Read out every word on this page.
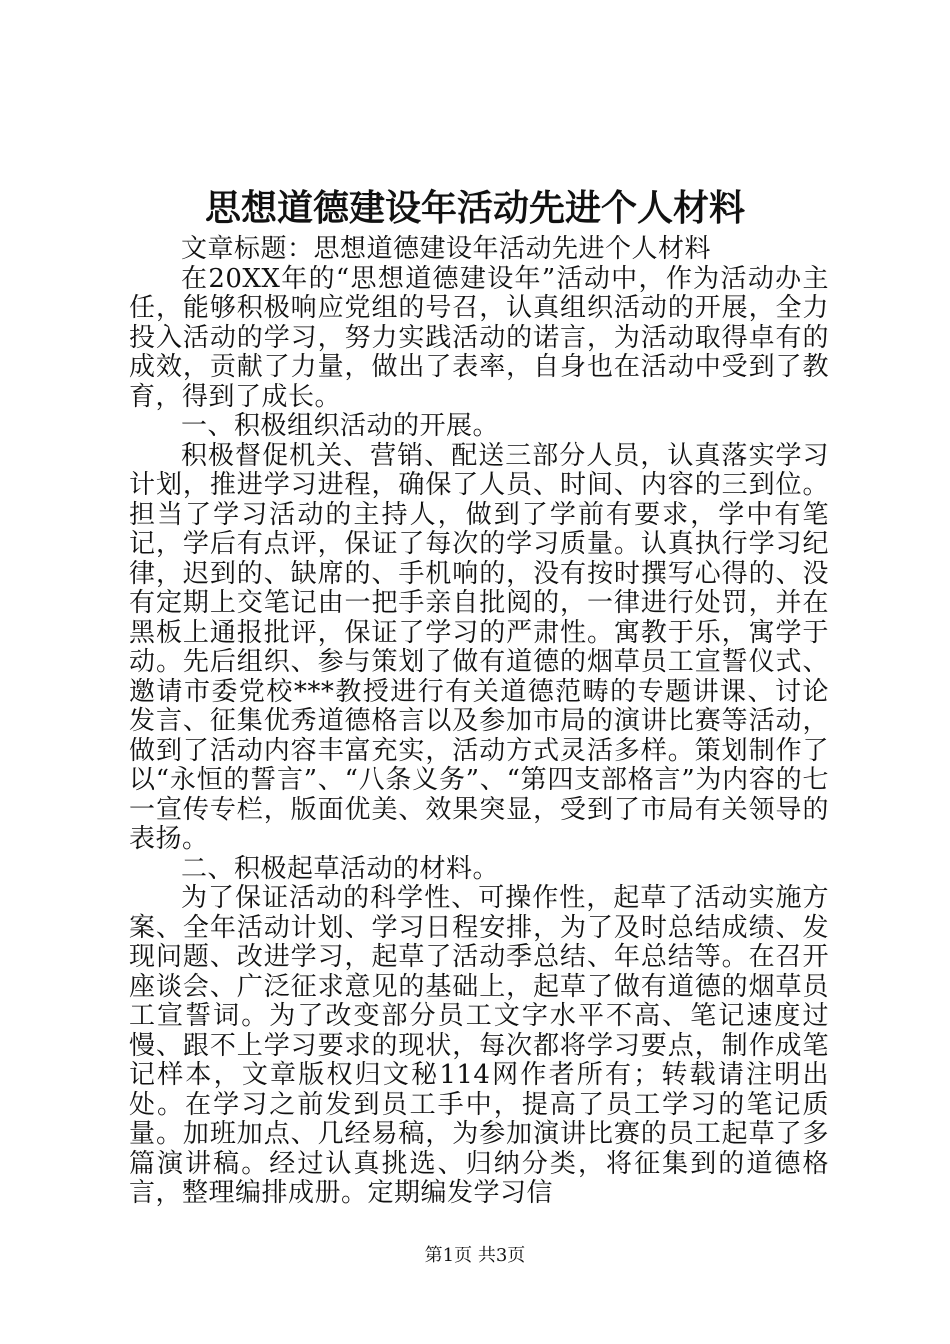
思想道德建设年活动先进个人材料

文章标题：思想道德建设年活动先进个人材料

在20XX年的“思想道德建设年”活动中，作为活动办主任，能够积极响应党组的号召，认真组织活动的开展，全力投入活动的学习，努力实践活动的诺言，为活动取得卓有的成效，贡献了力量，做出了表率，自身也在活动中受到了教育，得到了成长。

一、积极组织活动的开展。

积极督促机关、营销、配送三部分人员，认真落实学习计划，推进学习进程，确保了人员、时间、内容的三到位。担当了学习活动的主持人，做到了学前有要求，学中有笔记，学后有点评，保证了每次的学习质量。认真执行学习纪律，迟到的、缺席的、手机响的，没有按时撰写心得的、没有定期上交笔记由一把手亲自批阅的，一律进行处罚，并在黑板上通报批评，保证了学习的严肃性。寓教于乐，寓学于动。先后组织、参与策划了做有道德的烟草员工宣誓仪式、邀请市委党校***教授进行有关道德范畴的专题讲课、讨论发言、征集优秀道德格言以及参加市局的演讲比赛等活动，做到了活动内容丰富充实，活动方式灵活多样。策划制作了以“永恒的誓言”、“八条义务”、“第四支部格言”为内容的七一宣传专栏，版面优美、效果突显，受到了市局有关领导的表扬。

二、积极起草活动的材料。

为了保证活动的科学性、可操作性，起草了活动实施方案、全年活动计划、学习日程安排，为了及时总结成绩、发现问题、改进学习，起草了活动季总结、年总结等。在召开座谈会、广泛征求意见的基础上，起草了做有道德的烟草员工宣誓词。为了改变部分员工文字水平不高、笔记速度过慢、跟不上学习要求的现状，每次都将学习要点，制作成笔记样本，文章版权归文秘114网作者所有；转载请注明出处。在学习之前发到员工手中，提高了员工学习的笔记质量。加班加点、几经易稿，为参加演讲比赛的员工起草了多篇演讲稿。经过认真挑选、归纳分类，将征集到的道德格言，整理编排成册。定期编发学习信

第1页 共3页
